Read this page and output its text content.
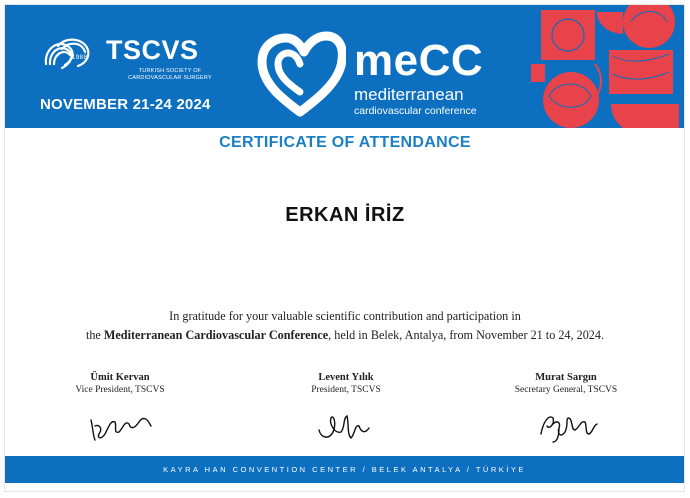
1988 TSCVS
TURKISH SOCIETY OF CARDIOVASCULAR SURGERY
NOVEMBER 21-24 2024
meCC
mediterranean
cardiovascular conference
CERTIFICATE OF ATTENDANCE
ERKAN İRİZ
In gratitude for your valuable scientific contribution and participation in
the Mediterranean Cardiovascular Conference, held in Belek, Antalya, from November 21 to 24, 2024.
Ümit Kervan
Vice President, TSCVS
Levent Yılık
President, TSCVS
Murat Sargın
Secretary General, TSCVS
KAYRA HAN CONVENTION CENTER / BELEK ANTALYA / TÜRKİYE
